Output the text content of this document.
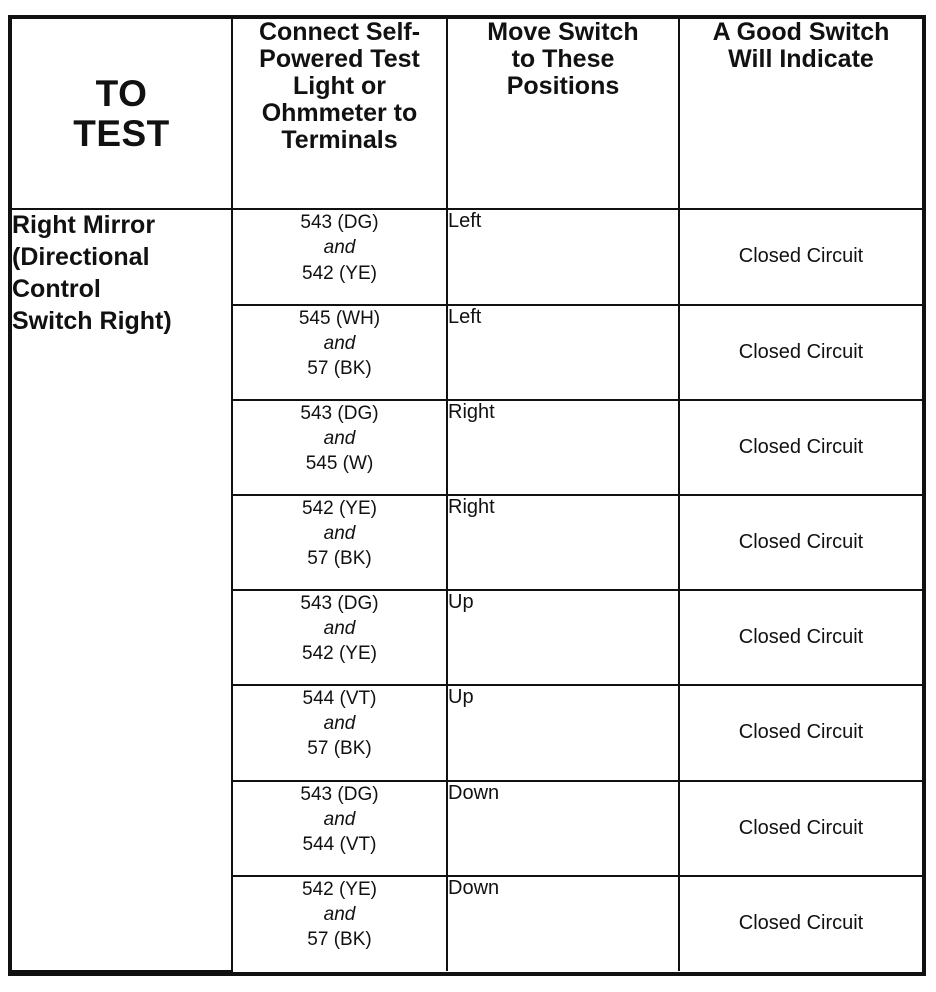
TO
TEST	Connect Self-
Powered Test
Light or
Ohmmeter to
Terminals	Move Switch
to These
Positions	A Good Switch
Will Indicate

Right Mirror
(Directional
Control
Switch Right)	543 (DG)
and
542 (YE)	Left	Closed Circuit

	545 (WH)
and
57 (BK)	Left	Closed Circuit

	543 (DG)
and
545 (W)	Right	Closed Circuit

	542 (YE)
and
57 (BK)	Right	Closed Circuit

	543 (DG)
and
542 (YE)	Up	Closed Circuit

	544 (VT)
and
57 (BK)	Up	Closed Circuit

	543 (DG)
and
544 (VT)	Down	Closed Circuit

	542 (YE)
and
57 (BK)	Down	Closed Circuit
